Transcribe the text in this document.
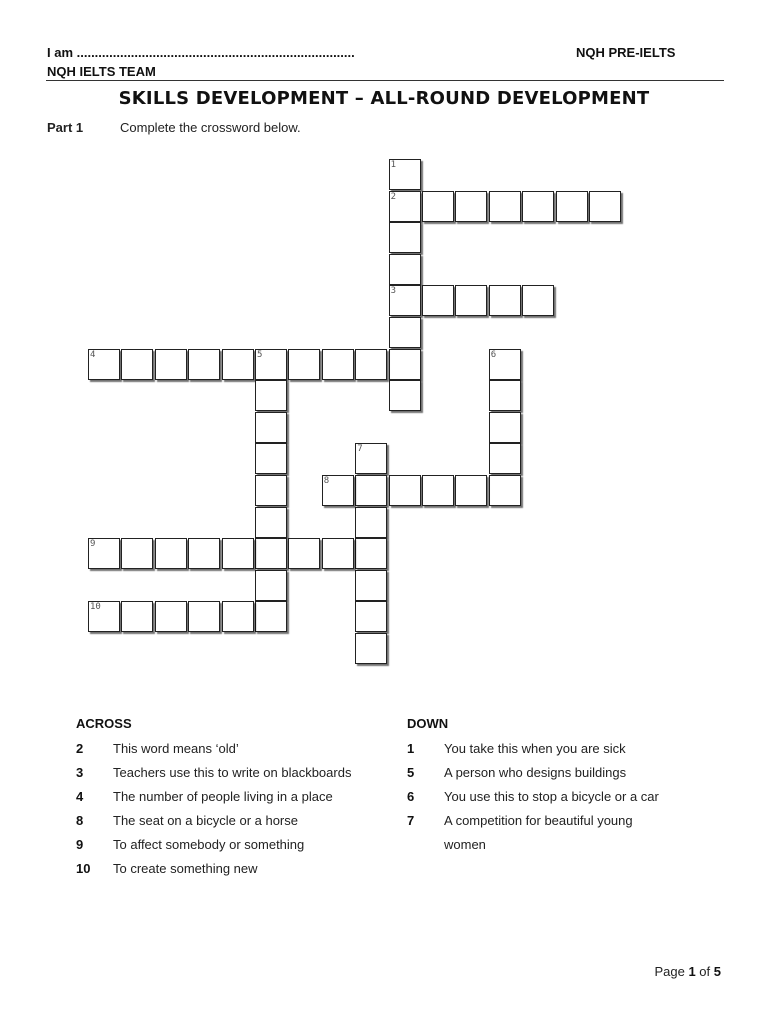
I am .............................................................................
NQH IELTS TEAM
NQH PRE-IELTS
SKILLS DEVELOPMENT – ALL-ROUND DEVELOPMENT
Part 1	Complete the crossword below.
1
2
3
4	5	6
7
8
9
10
ACROSS	DOWN
2 This word means ‘old’
3 Teachers use this to write on blackboards
4 The number of people living in a place
8 The seat on a bicycle or a horse
9 To affect somebody or something
10 To create something new
1 You take this when you are sick
5 A person who designs buildings
6 You use this to stop a bicycle or a car
7 A competition for beautiful young
women
Page 1 of 5
